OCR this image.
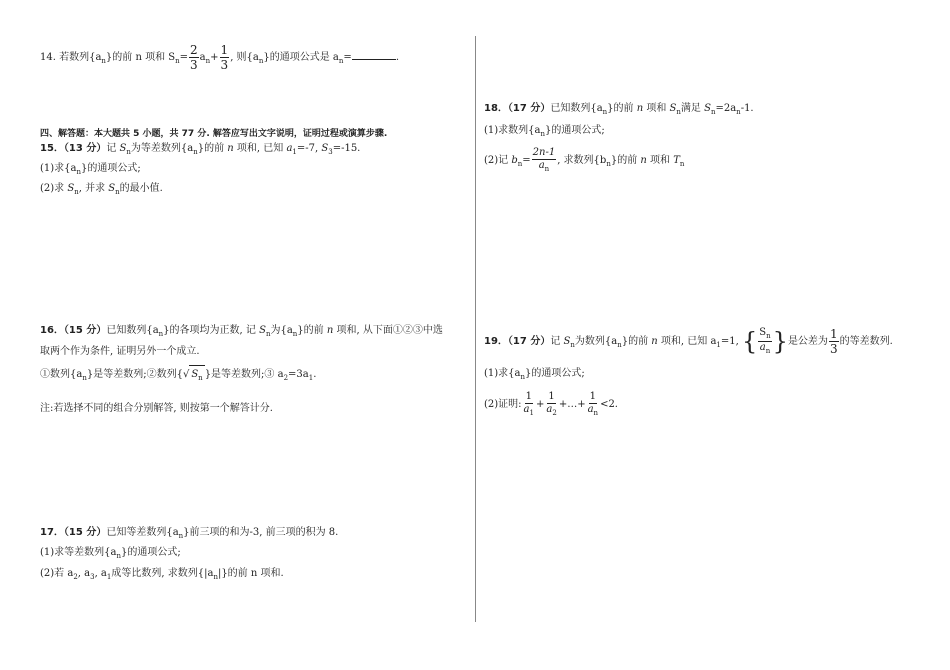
14. 若数列$\{a_n\}$的前 n 项和 $S_n= \frac{2}{3} a_n+ \frac{1}{3}$ , 则$\{a_n\}$的通项公式是 $a_n=$	.
四、解答题：本大题共 5 小题，共 77 分. 解答应写出文字说明，证明过程或演算步骤.
15．（13 分）记 $S_n$为等差数列$\{a_n\}$的前 n 项和, 已知 $a_1=-7$, $S_3=-15$.
(1)求$\{a_n\}$的通项公式;
(2)求 $S_n$, 并求 $S_n$的最小值.
16．（15 分）已知数列$\{a_n\}$的各项均为正数, 记 $S_n$为$\{a_n\}$的前 n 项和, 从下面①②③中选
取两个作为条件, 证明另外一个成立.
①数列$\{a_n\}$是等差数列;②数列{√ $S_n$ }是等差数列;③ $a_2=3a_1$.
注:若选择不同的组合分别解答, 则按第一个解答计分.
17．（15 分）已知等差数列$\{a_n\}$前三项的和为-3, 前三项的积为 8.
(1)求等差数列$\{a_n\}$的通项公式;
(2)若 $a_2$, $a_3$, $a_1$成等比数列, 求数列$\{|a_n|\}$的前 n 项和.
18．（17 分）已知数列$\{a_n\}$的前 n 项和 $S_n$满足 $S_n=2a_n-1$.
(1)求数列$\{a_n\}$的通项公式;
(2)记 $b_n= \frac{2n-1}{a_n}$ , 求数列$\{b_n\}$的前 n 项和 $T_n$
19．（17 分）记 $S_n$为数列$\{a_n\}$的前 n 项和, 已知 $a_1=1$, { $\frac{S_n}{a_n}$ }是公差为 $\frac{1}{3}$ 的等差数列.
(1)求$\{a_n\}$的通项公式;
(2)证明: $\frac{1}{a_1} + \frac{1}{a_2}$ +…+ $\frac{1}{a_n} <2$.
